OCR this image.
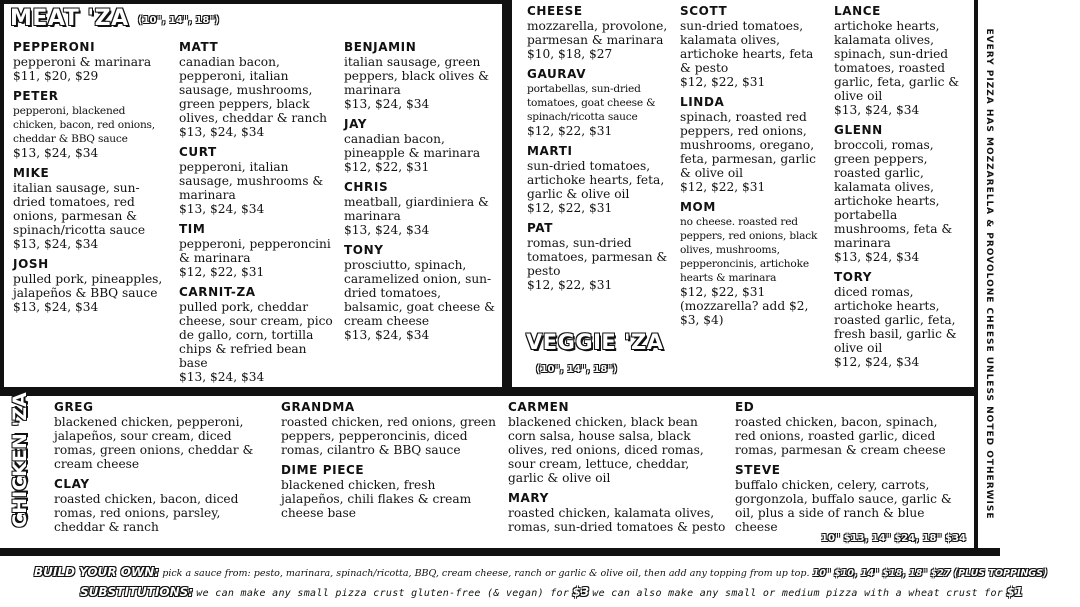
MEAT 'ZA (10", 14", 18")
PEPPERONI
pepperoni & marinara
$11, $20, $29
PETER
pepperoni, blackened chicken, bacon, red onions, cheddar & BBQ sauce
$13, $24, $34
MIKE
italian sausage, sun-dried tomatoes, red onions, parmesan & spinach/ricotta sauce
$13, $24, $34
JOSH
pulled pork, pineapples, jalapeños & BBQ sauce
$13, $24, $34
MATT
canadian bacon, pepperoni, italian sausage, mushrooms, green peppers, black olives, cheddar & ranch
$13, $24, $34
CURT
pepperoni, italian sausage, mushrooms & marinara
$13, $24, $34
TIM
pepperoni, pepperoncini & marinara
$12, $22, $31
CARNIT-ZA
pulled pork, cheddar cheese, sour cream, pico de gallo, corn, tortilla chips & refried bean base
$13, $24, $34
BENJAMIN
italian sausage, green peppers, black olives & marinara
$13, $24, $34
JAY
canadian bacon, pineapple & marinara
$12, $22, $31
CHRIS
meatball, giardiniera & marinara
$13, $24, $34
TONY
prosciutto, spinach, caramelized onion, sun-dried tomatoes, balsamic, goat cheese & cream cheese
$13, $24, $34
CHEESE
mozzarella, provolone, parmesan & marinara
$10, $18, $27
GAURAV
portabellas, sun-dried tomatoes, goat cheese & spinach/ricotta sauce
$12, $22, $31
MARTI
sun-dried tomatoes, artichoke hearts, feta, garlic & olive oil
$12, $22, $31
PAT
romas, sun-dried tomatoes, parmesan & pesto
$12, $22, $31
VEGGIE 'ZA
(10", 14", 18")
SCOTT
sun-dried tomatoes, kalamata olives, artichoke hearts, feta & pesto
$12, $22, $31
LINDA
spinach, roasted red peppers, red onions, mushrooms, oregano, feta, parmesan, garlic & olive oil
$12, $22, $31
MOM
no cheese. roasted red peppers, red onions, black olives, mushrooms, pepperoncinis, artichoke hearts & marinara
$12, $22, $31
(mozzarella? add $2, $3, $4)
LANCE
artichoke hearts, kalamata olives, spinach, sun-dried tomatoes, roasted garlic, feta, garlic & olive oil
$13, $24, $34
GLENN
broccoli, romas, green peppers, roasted garlic, kalamata olives, artichoke hearts, portabella mushrooms, feta & marinara
$13, $24, $34
TORY
diced romas, artichoke hearts, roasted garlic, feta, fresh basil, garlic & olive oil
$12, $24, $34	EVERY PIZZA HAS MOZZARELLA & PROVOLONE CHEESE UNLESS NOTED OTHERWISE
CHICKEN 'ZA	GREG
blackened chicken, pepperoni, jalapeños, sour cream, diced romas, green onions, cheddar & cream cheese
CLAY
roasted chicken, bacon, diced romas, red onions, parsley, cheddar & ranch
GRANDMA
roasted chicken, red onions, green peppers, pepperoncinis, diced romas, cilantro & BBQ sauce
DIME PIECE
blackened chicken, fresh jalapeños, chili flakes & cream cheese base
CARMEN
blackened chicken, black bean corn salsa, house salsa, black olives, red onions, diced romas, sour cream, lettuce, cheddar, garlic & olive oil
MARY
roasted chicken, kalamata olives, romas, sun-dried tomatoes & pesto
ED
roasted chicken, bacon, spinach, red onions, roasted garlic, diced romas, parmesan & cream cheese
STEVE
buffalo chicken, celery, carrots, gorgonzola, buffalo sauce, garlic & oil, plus a side of ranch & blue cheese
10" $13, 14" $24, 18" $34
BUILD YOUR OWN: pick a sauce from: pesto, marinara, spinach/ricotta, BBQ, cream cheese, ranch or garlic & olive oil, then add any topping from up top. 10" $10, 14" $18, 18" $27 (PLUS TOPPINGS)
SUBSTITUTIONS: we can make any small pizza crust gluten-free (& vegan) for $3 we can also make any small or medium pizza with a wheat crust for $1
